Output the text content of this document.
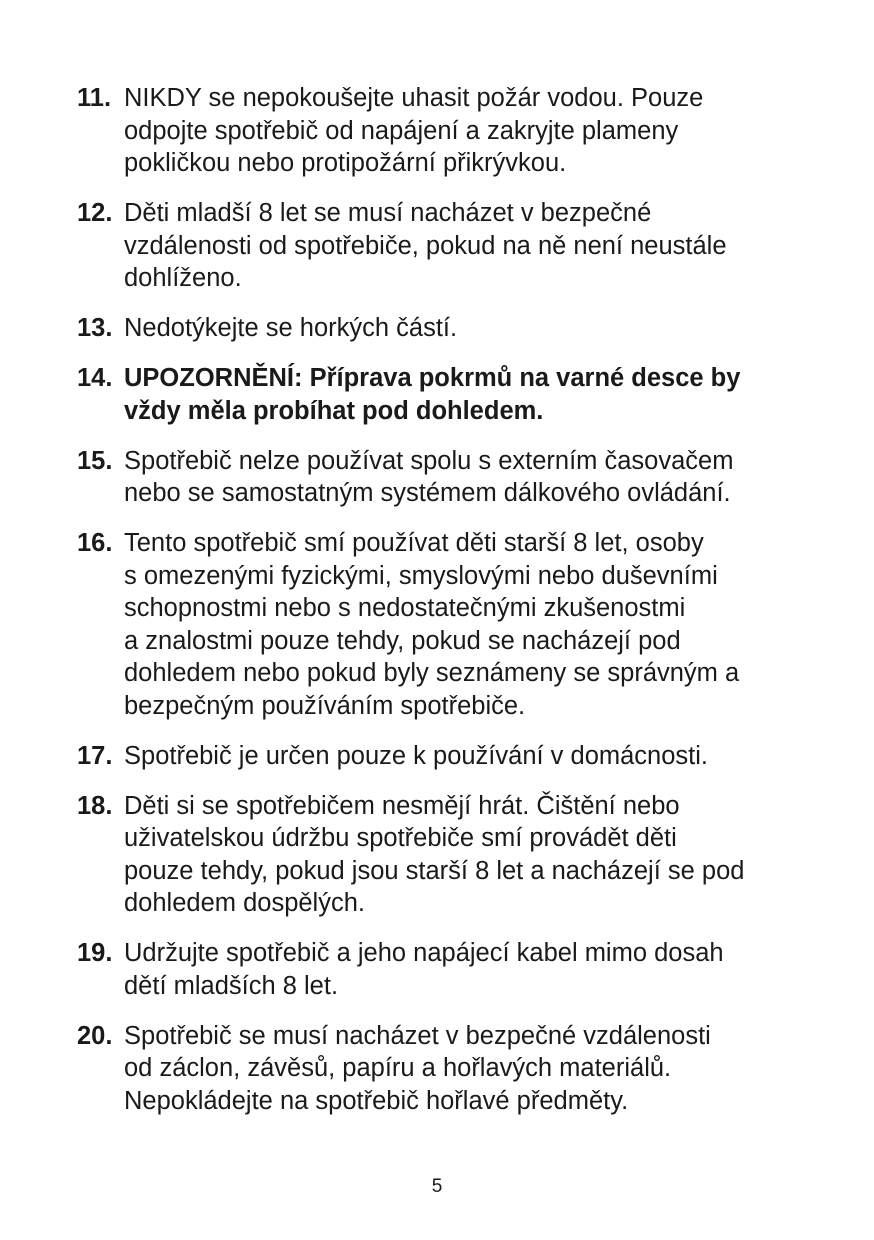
11. NIKDY se nepokoušejte uhasit požár vodou. Pouze
odpojte spotřebič od napájení a zakryjte plameny
pokličkou nebo protipožární přikrývkou.
12. Děti mladší 8 let se musí nacházet v bezpečné
vzdálenosti od spotřebiče, pokud na ně není neustále
dohlíženo.
13. Nedotýkejte se horkých částí.
14. UPOZORNĚNÍ: Příprava pokrmů na varné desce by
vždy měla probíhat pod dohledem.
15. Spotřebič nelze používat spolu s externím časovačem
nebo se samostatným systémem dálkového ovládání.
16. Tento spotřebič smí používat děti starší 8 let, osoby
s omezenými fyzickými, smyslovými nebo duševními
schopnostmi nebo s nedostatečnými zkušenostmi
a znalostmi pouze tehdy, pokud se nacházejí pod
dohledem nebo pokud byly seznámeny se správným a
bezpečným používáním spotřebiče.
17. Spotřebič je určen pouze k používání v domácnosti.
18. Děti si se spotřebičem nesmějí hrát. Čištění nebo
uživatelskou údržbu spotřebiče smí provádět děti
pouze tehdy, pokud jsou starší 8 let a nacházejí se pod
dohledem dospělých.
19. Udržujte spotřebič a jeho napájecí kabel mimo dosah
dětí mladších 8 let.
20. Spotřebič se musí nacházet v bezpečné vzdálenosti
od záclon, závěsů, papíru a hořlavých materiálů.
Nepokládejte na spotřebič hořlavé předměty.
5
